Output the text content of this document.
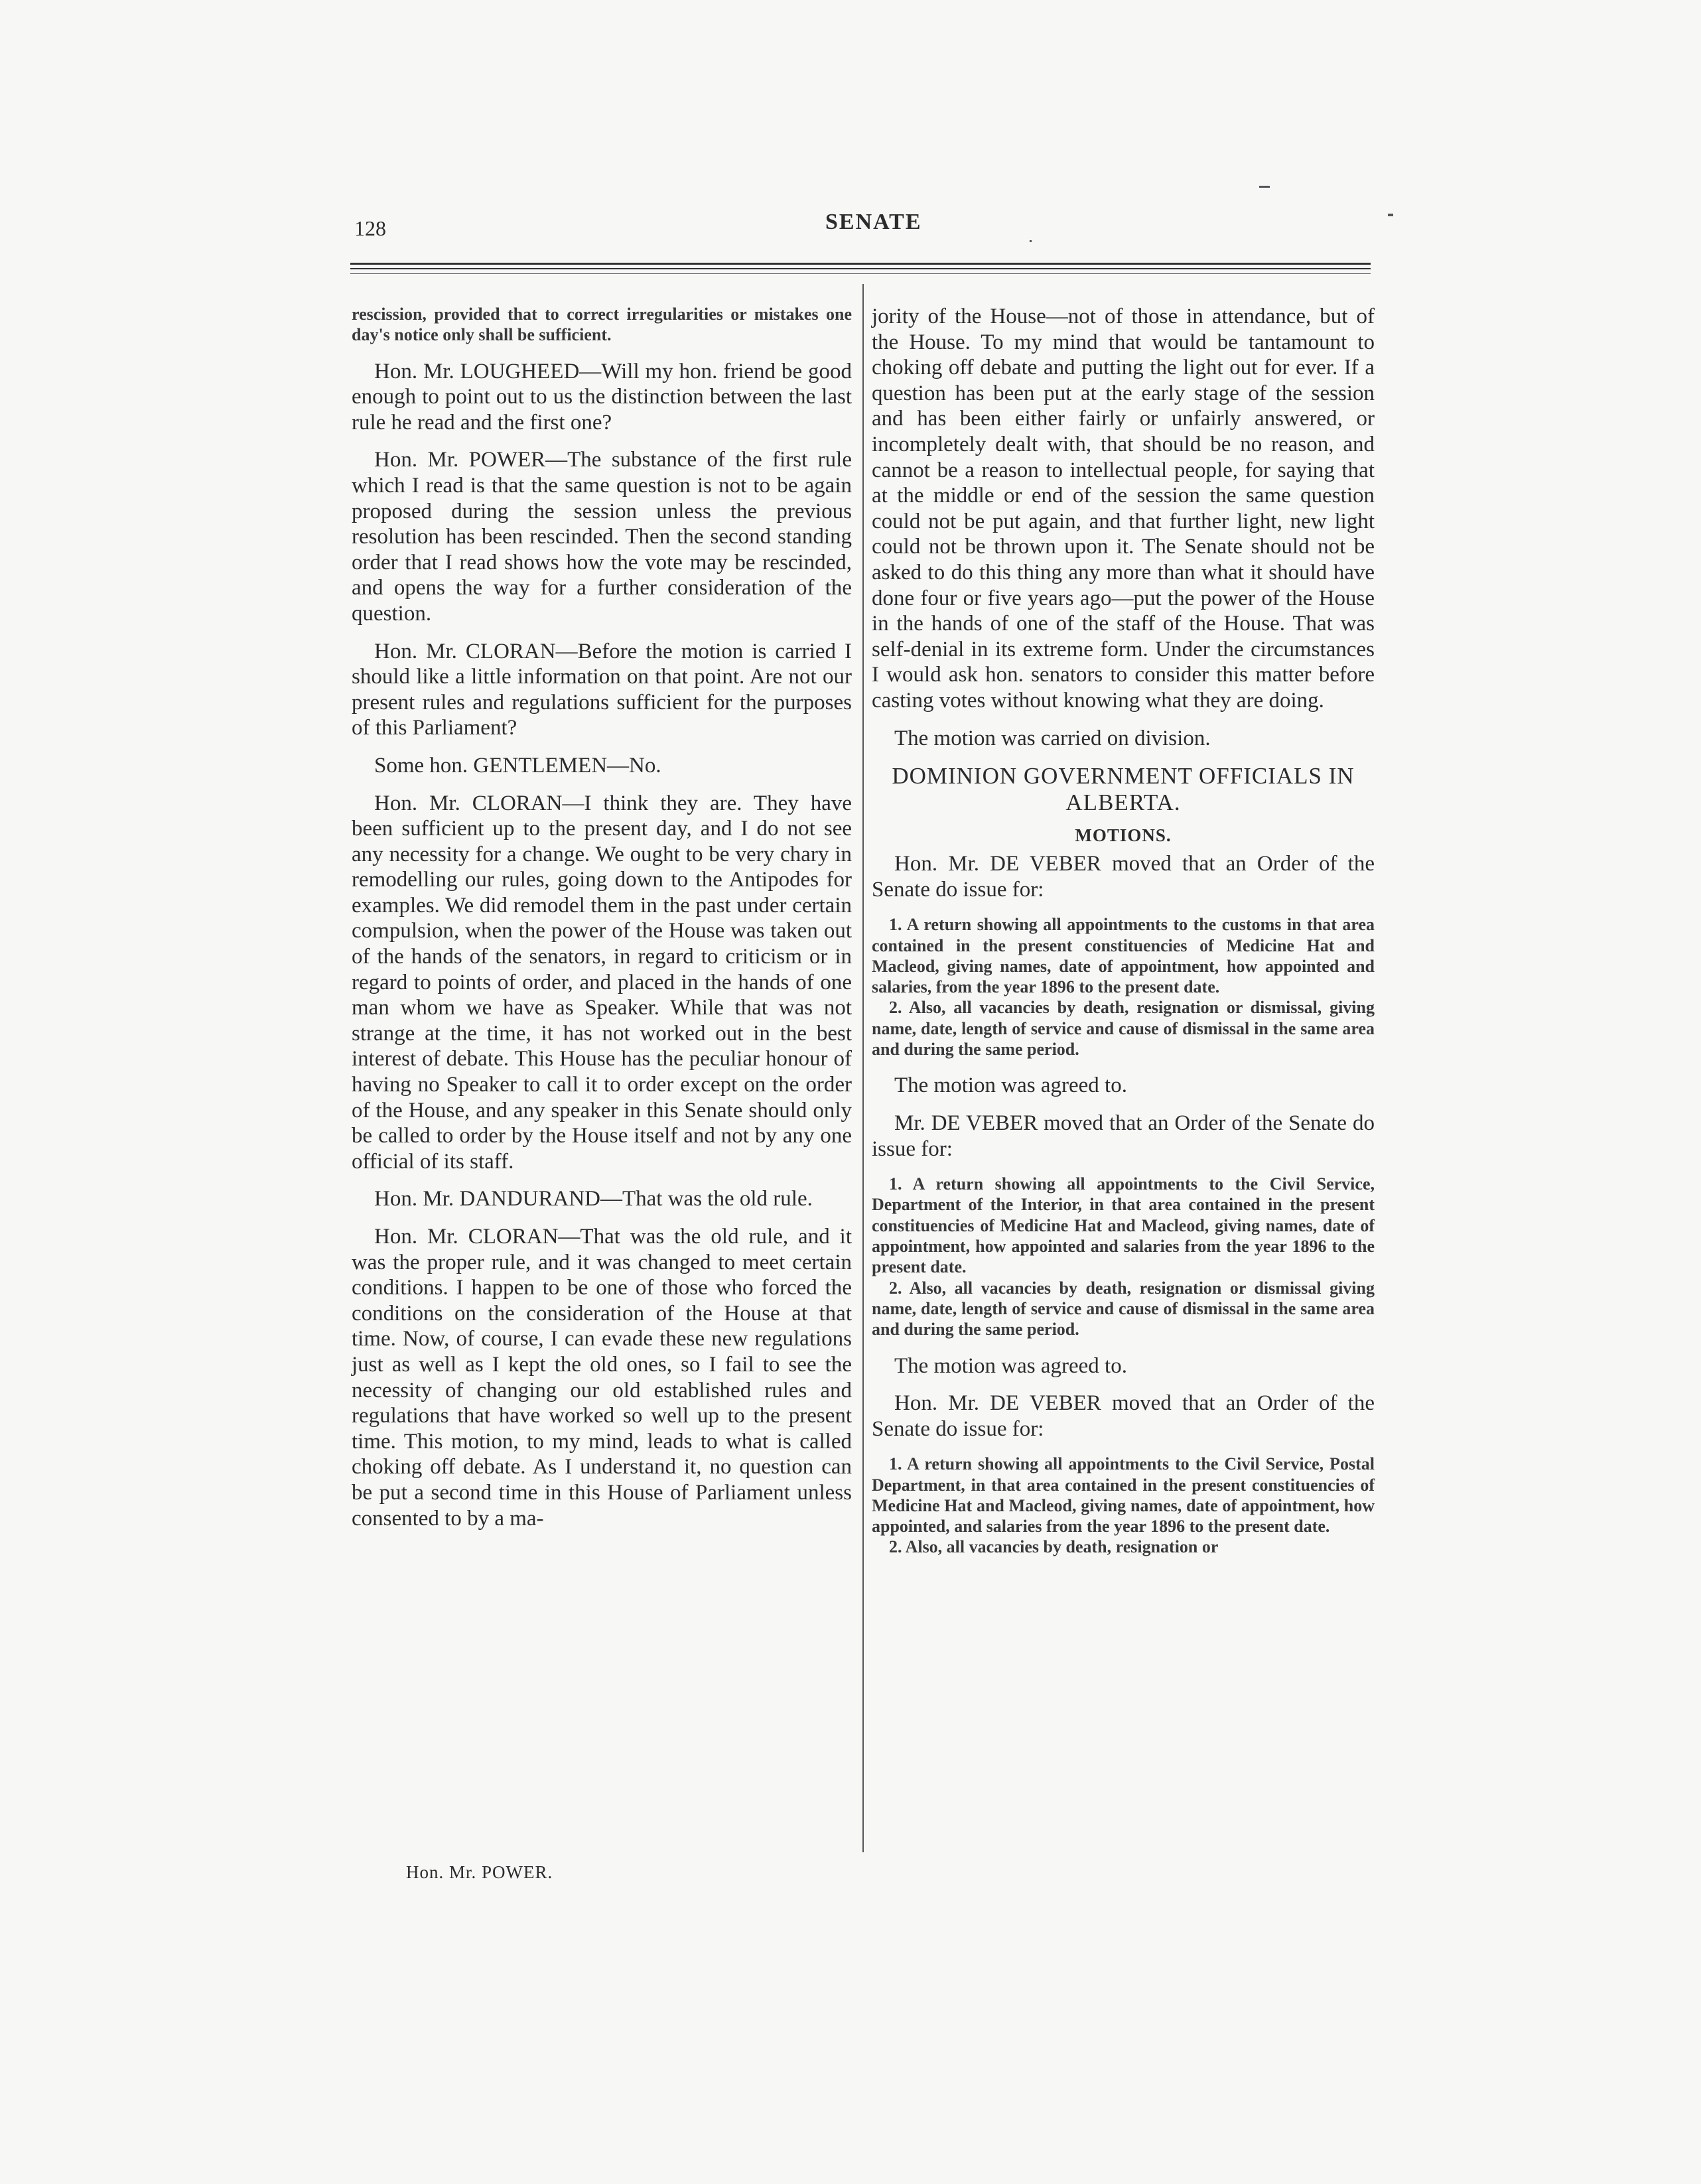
128	SENATE

rescission, provided that to correct irregularities or mistakes one day's notice only shall be sufficient.

Hon. Mr. LOUGHEED—Will my hon. friend be good enough to point out to us the distinction between the last rule he read and the first one?

Hon. Mr. POWER—The substance of the first rule which I read is that the same question is not to be again proposed during the session unless the previous resolution has been rescinded. Then the second standing order that I read shows how the vote may be rescinded, and opens the way for a further consideration of the question.

Hon. Mr. CLORAN—Before the motion is carried I should like a little information on that point. Are not our present rules and regulations sufficient for the purposes of this Parliament?

Some hon. GENTLEMEN—No.

Hon. Mr. CLORAN—I think they are. They have been sufficient up to the present day, and I do not see any necessity for a change. We ought to be very chary in remodelling our rules, going down to the Antipodes for examples. We did remodel them in the past under certain compulsion, when the power of the House was taken out of the hands of the senators, in regard to criticism or in regard to points of order, and placed in the hands of one man whom we have as Speaker. While that was not strange at the time, it has not worked out in the best interest of debate. This House has the peculiar honour of having no Speaker to call it to order except on the order of the House, and any speaker in this Senate should only be called to order by the House itself and not by any one official of its staff.

Hon. Mr. DANDURAND—That was the old rule.

Hon. Mr. CLORAN—That was the old rule, and it was the proper rule, and it was changed to meet certain conditions. I happen to be one of those who forced the conditions on the consideration of the House at that time. Now, of course, I can evade these new regulations just as well as I kept the old ones, so I fail to see the necessity of changing our old established rules and regulations that have worked so well up to the present time. This motion, to my mind, leads to what is called choking off debate. As I understand it, no question can be put a second time in this House of Parliament unless consented to by a ma-

jority of the House—not of those in attendance, but of the House. To my mind that would be tantamount to choking off debate and putting the light out for ever. If a question has been put at the early stage of the session and has been either fairly or unfairly answered, or incompletely dealt with, that should be no reason, and cannot be a reason to intellectual people, for saying that at the middle or end of the session the same question could not be put again, and that further light, new light could not be thrown upon it. The Senate should not be asked to do this thing any more than what it should have done four or five years ago—put the power of the House in the hands of one of the staff of the House. That was self-denial in its extreme form. Under the circumstances I would ask hon. senators to consider this matter before casting votes without knowing what they are doing.

The motion was carried on division.

DOMINION GOVERNMENT OFFICIALS IN ALBERTA.
MOTIONS.

Hon. Mr. DE VEBER moved that an Order of the Senate do issue for:

1. A return showing all appointments to the customs in that area contained in the present constituencies of Medicine Hat and Macleod, giving names, date of appointment, how appointed and salaries, from the year 1896 to the present date.

2. Also, all vacancies by death, resignation or dismissal, giving name, date, length of service and cause of dismissal in the same area and during the same period.

The motion was agreed to.

Mr. DE VEBER moved that an Order of the Senate do issue for:

1. A return showing all appointments to the Civil Service, Department of the Interior, in that area contained in the present constituencies of Medicine Hat and Macleod, giving names, date of appointment, how appointed and salaries from the year 1896 to the present date.

2. Also, all vacancies by death, resignation or dismissal giving name, date, length of service and cause of dismissal in the same area and during the same period.

The motion was agreed to.

Hon. Mr. DE VEBER moved that an Order of the Senate do issue for:

1. A return showing all appointments to the Civil Service, Postal Department, in that area contained in the present constituencies of Medicine Hat and Macleod, giving names, date of appointment, how appointed, and salaries from the year 1896 to the present date.

2. Also, all vacancies by death, resignation or

Hon. Mr. POWER.
